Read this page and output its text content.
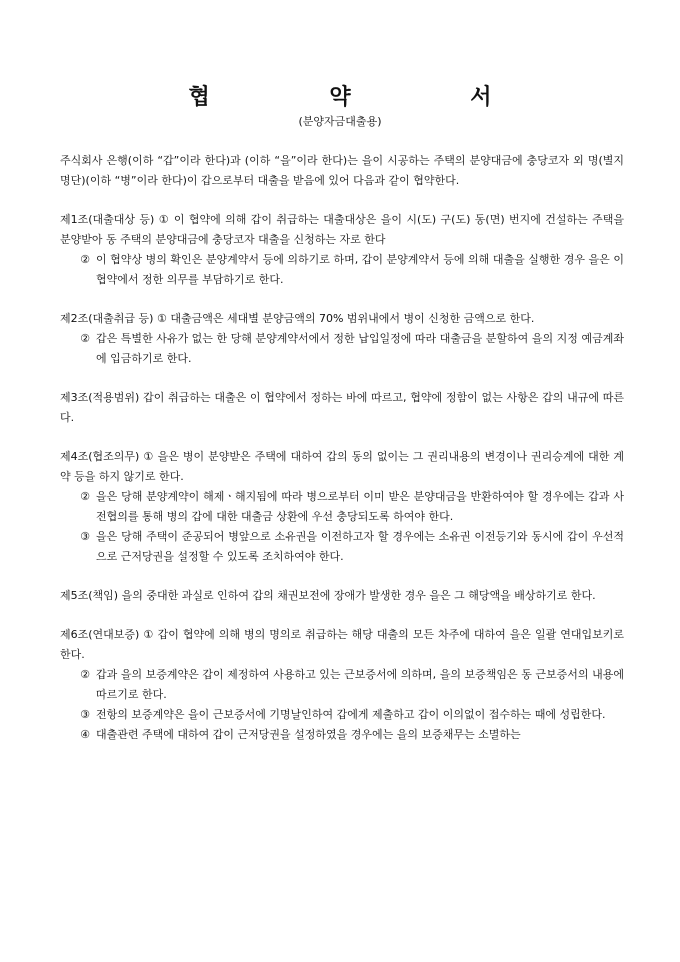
협 약 서
(분양자금대출용)

주식회사 은행(이하 “갑”이라 한다)과 (이하 “을”이라 한다)는 을이 시공하는 주택의 분양대금에 충당코자 외 명(별지명단)(이하 “병”이라 한다)이 갑으로부터 대출을 받음에 있어 다음과 같이 협약한다.

제1조(대출대상 등) ① 이 협약에 의해 갑이 취급하는 대출대상은 을이 시(도) 구(도) 동(면) 번지에 건설하는 주택을 분양받아 동 주택의 분양대금에 충당코자 대출을 신청하는 자로 한다

② 이 협약상 병의 확인은 분양계약서 등에 의하기로 하며, 갑이 분양계약서 등에 의해 대출을 실행한 경우 을은 이 협약에서 정한 의무를 부담하기로 한다.

제2조(대출취급 등) ① 대출금액은 세대별 분양금액의 70% 범위내에서 병이 신청한 금액으로 한다.

② 갑은 특별한 사유가 없는 한 당해 분양계약서에서 정한 납입일정에 따라 대출금을 분할하여 을의 지정 예금계좌에 입금하기로 한다.

제3조(적용범위) 갑이 취급하는 대출은 이 협약에서 정하는 바에 따르고, 협약에 정함이 없는 사항은 갑의 내규에 따른다.

제4조(협조의무) ① 을은 병이 분양받은 주택에 대하여 갑의 동의 없이는 그 권리내용의 변경이나 권리승계에 대한 계약 등을 하지 않기로 한다.

② 을은 당해 분양계약이 해제ㆍ해지됨에 따라 병으로부터 이미 받은 분양대금을 반환하여야 할 경우에는 갑과 사전협의를 통해 병의 갑에 대한 대출금 상환에 우선 충당되도록 하여야 한다.
③ 을은 당해 주택이 준공되어 병앞으로 소유권을 이전하고자 할 경우에는 소유권 이전등기와 동시에 갑이 우선적으로 근저당권을 설정할 수 있도록 조치하여야 한다.

제5조(책임) 을의 중대한 과실로 인하여 갑의 채권보전에 장애가 발생한 경우 을은 그 해당액을 배상하기로 한다.

제6조(연대보증) ① 갑이 협약에 의해 병의 명의로 취급하는 해당 대출의 모든 차주에 대하여 을은 일괄 연대입보키로 한다.

② 갑과 을의 보증계약은 갑이 제정하여 사용하고 있는 근보증서에 의하며, 을의 보증책임은 동 근보증서의 내용에 따르기로 한다.
③ 전항의 보증계약은 을이 근보증서에 기명날인하여 갑에게 제출하고 갑이 이의없이 접수하는 때에 성립한다.
④ 대출관련 주택에 대하여 갑이 근저당권을 설정하였을 경우에는 을의 보증채무는 소멸하는
